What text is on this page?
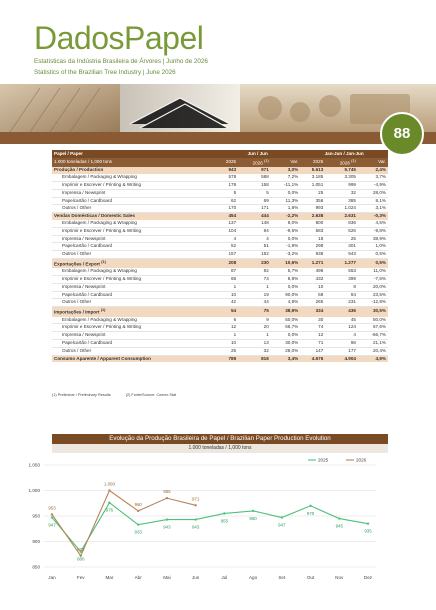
DadosPapel
Estatísticas da Indústria Brasileira de Árvores | Junho de 2026
Statistics of the Brazilian Tree Industry | June 2026
88
Papel / Paper	Jun / Jun			Jan-Jun / Jan-Jun		
1.000 toneladas / 1,000 tons	2025	2026 $^{(1)}$	Var.	2025	2026 $^{(1)}$	Var.
Produção / Production	943	971	3,0%	5.613	5.745	2,4%
Embalagem / Packaging & Wrapping	578	588	7,2%	3.185	3.305	3,7%
Imprimir e Escrever / Printing & Writing	178	158	-11,1%	1.051	999	-4,9%
Imprensa / Newsprint	5	5	0,0%	25	32	28,0%
Papelcartão / Cardboard	62	69	11,3%	356	385	8,1%
Outros / Other	170	171	1,8%	993	1.024	3,1%
Vendas Domésticas / Domestic Sales	454	444	-2,2%	2.638	2.631	-0,3%
Embalagem / Packaging & Wrapping	137	148	8,0%	800	836	4,5%
Imprimir e Escrever / Printing & Writing	104	94	-9,6%	583	526	-9,8%
Imprensa / Newsprint	4	4	0,0%	18	25	38,9%
Papelcartão / Cardboard	52	51	-1,9%	298	301	1,0%
Outros / Other	157	152	-3,2%	938	943	0,5%
Exportações / Export $^{(1)}$	208	230	10,6%	1.271	1.277	0,5%
Embalagem / Packaging & Wrapping	87	92	5,7%	498	553	11,0%
Imprimir e Escrever / Printing & Writing	68	74	8,8%	432	399	-7,6%
Imprensa / Newsprint	1	1	0,0%	10	8	20,0%
Papelcartão / Cardboard	10	19	90,0%	68	84	23,5%
Outros / Other	42	44	4,8%	265	231	-12,8%
Importações / Import $^{(1)}$	54	75	38,9%	334	436	30,5%
Embalagem / Packaging & Wrapping	6	9	50,0%	30	45	50,0%
Imprimir e Escrever / Printing & Writing	12	20	66,7%	74	124	67,6%
Imprensa / Newsprint	1	1	0,0%	12	4	-66,7%
Papelcartão / Cardboard	10	13	30,0%	71	86	21,1%
Outros / Other	25	32	28,0%	147	177	20,4%
Consumo Aparente / Apparent Consumption	789	816	3,4%	4.676	4.904	4,9%
(1) Preliminar / Preliminary Results	(2) Fonte/Source: Comex Stat
Evolução da Produção Brasileira de Papel / Brazilian Paper Production Evolution
1.000 toneladas / 1,000 tons
850
900
950
1.000
1.050
Jan	Fev	Mar	Abr	Mai	Jun	Jul	Ago	Set	Out	Nov	Dez
947
880
976
933
943	943
955
960
947
970
945
935
2025
953
872
1.000
960
985
971
2026
